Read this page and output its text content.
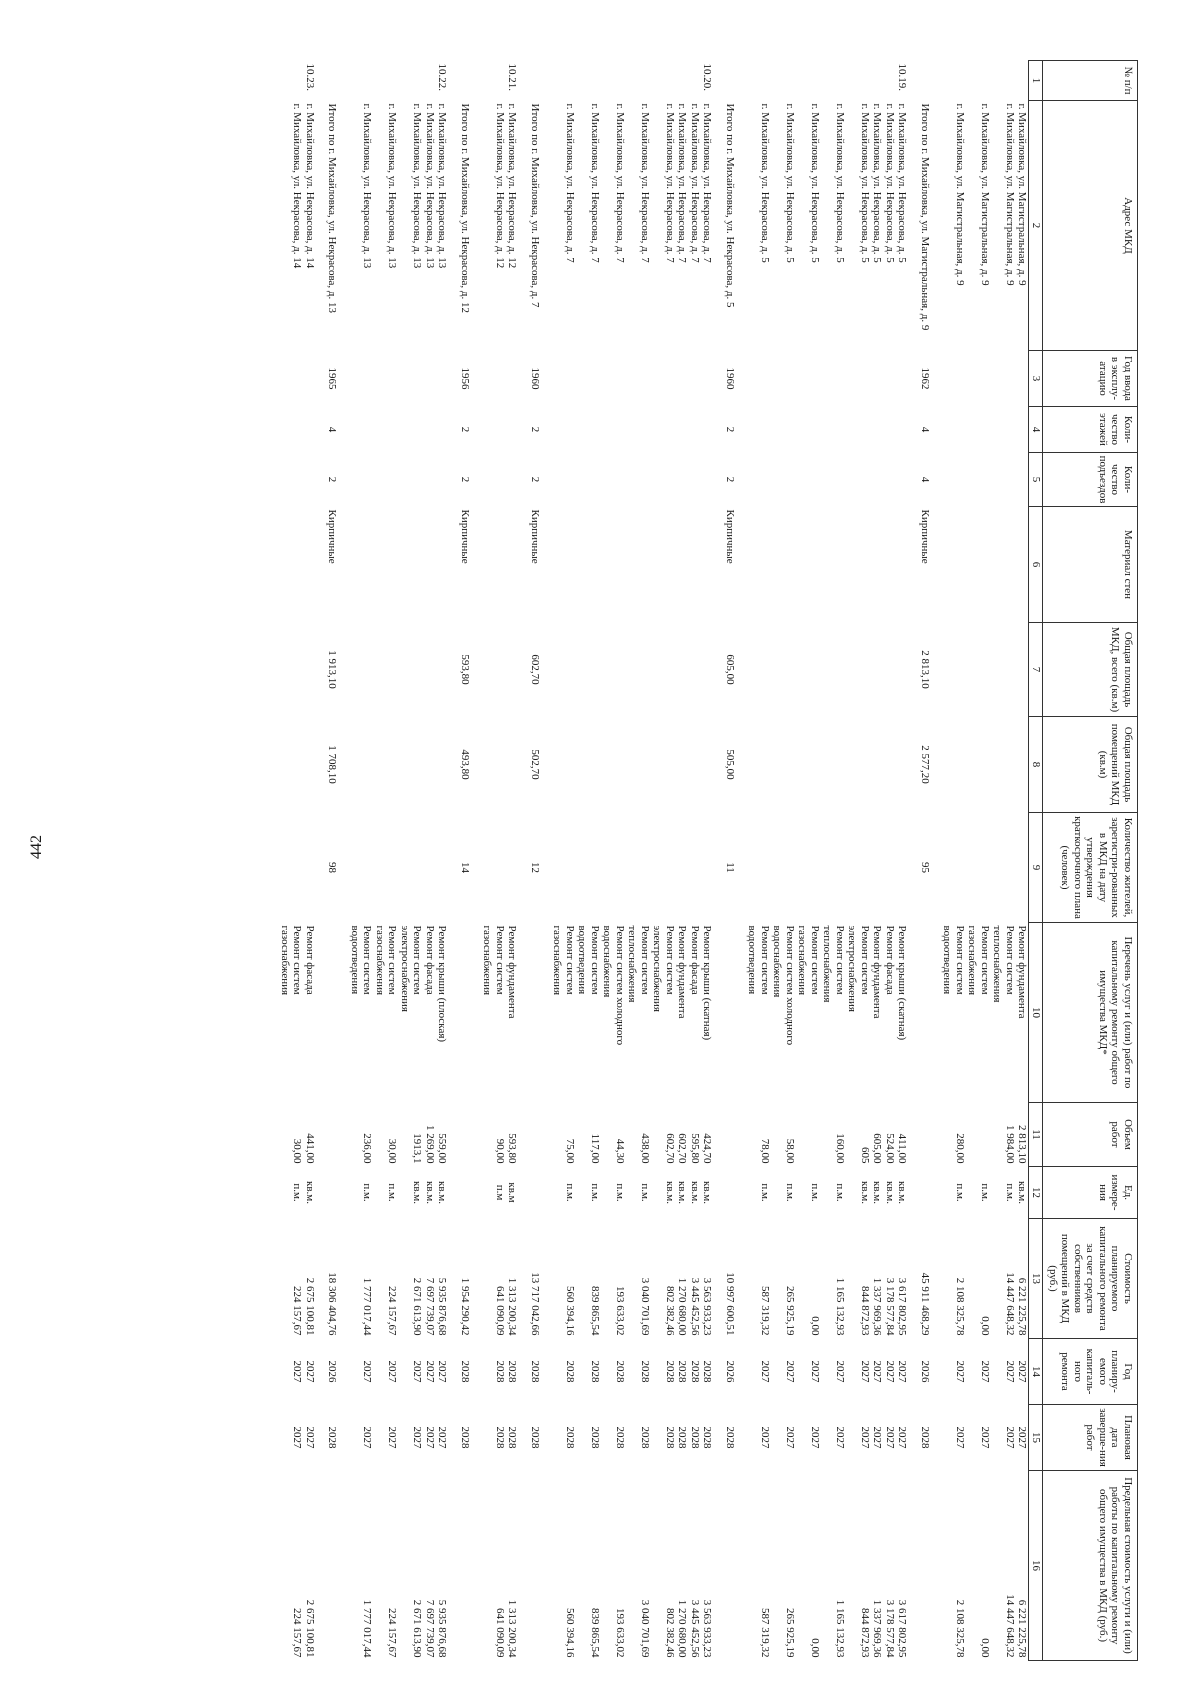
442
№ п/п	Адрес МКД	Год ввода в эксплу-атацию	Коли-чество этажей	Коли-чество подъездов	Материал стен	Общая площадь МКД, всего (кв.м)	Общая площадь помещений МКД (кв.м)	Количество жителей, зарегистри-рованных в МКД на дату утверждения краткосрочного плана (человек)	Перечень услуг и (или) работ по капитальному ремонту общего имущества МКД*	Объем работ	Ед. измере-ния	Стоимость планируемого капитального ремонта за счет средств собственников помещений в МКД (руб.)	Год планиру-емого капиталь-ного ремонта	Плановая дата заверше-ния работ	Предельная стоимость услуги и (или) работы по капитальному ремонту общего имущества в МКД (руб.)
1	2	3	4	5	6	7	8	9	10	11	12	13	14	15	16
	г. Михайловка, ул. Магистральная, д. 9								Ремонт фундамента	2 813,10	кв.м.	6 221 225,78	2027	2027	6 221 225,78
	г. Михайловка, ул. Магистральная, д. 9								Ремонт систем
теплоснабжения	1 984,00	п.м.	14 447 648,32	2027	2027	14 447 648,32
	г. Михайловка, ул. Магистральная, д. 9								Ремонт систем
газоснабжения		п.м.	0,00	2027	2027	0,00
	г. Михайловка, ул. Магистральная, д. 9								Ремонт систем
водоотведения	280,00	п.м.	2 108 325,78	2027	2027	2 108 325,78
	Итого по г. Михайловка, ул. Магистральная, д. 9	1962	4	4	Кирпичные	2 813,10	2 577,20	95				45 911 468,29	2026	2028	
10.19.	г. Михайловка, ул. Некрасова, д. 5								Ремонт крыши (скатная)	411,00	кв.м.	3 617 802,95	2027	2027	3 617 802,95
	г. Михайловка, ул. Некрасова, д. 5								Ремонт фасада	524,00	кв.м.	3 178 577,84	2027	2027	3 178 577,84
	г. Михайловка, ул. Некрасова, д. 5								Ремонт фундамента	605,00	кв.м.	1 337 969,36	2027	2027	1 337 969,36
	г. Михайловка, ул. Некрасова, д. 5								Ремонт систем
электроснабжения	605	кв.м.	844 872,93	2027	2027	844 872,93
	г. Михайловка, ул. Некрасова, д. 5								Ремонт систем
теплоснабжения	160,00	п.м.	1 165 132,93	2027	2027	1 165 132,93
	г. Михайловка, ул. Некрасова, д. 5								Ремонт систем
газоснабжения		п.м.	0,00	2027	2027	0,00
	г. Михайловка, ул. Некрасова, д. 5								Ремонт систем холодного
водоснабжения	58,00	п.м.	265 925,19	2027	2027	265 925,19
	г. Михайловка, ул. Некрасова, д. 5								Ремонт систем
водоотведения	78,00	п.м.	587 319,32	2027	2027	587 319,32
	Итого по г. Михайловка, ул. Некрасова, д. 5	1960	2	2	Кирпичные	605,00	505,00	11				10 997 600,51	2026	2028	
10.20.	г. Михайловка, ул. Некрасова, д. 7								Ремонт крыши (скатная)	424,70	кв.м.	3 563 933,23	2028	2028	3 563 933,23
	г. Михайловка, ул. Некрасова, д. 7								Ремонт фасада	595,80	кв.м.	3 445 452,56	2028	2028	3 445 452,56
	г. Михайловка, ул. Некрасова, д. 7								Ремонт фундамента	602,70	кв.м.	1 270 680,00	2028	2028	1 270 680,00
	г. Михайловка, ул. Некрасова, д. 7								Ремонт систем
электроснабжения	602,70	кв.м.	802 382,46	2028	2028	802 382,46
	г. Михайловка, ул. Некрасова, д. 7								Ремонт систем
теплоснабжения	438,00	п.м.	3 040 701,69	2028	2028	3 040 701,69
	г. Михайловка, ул. Некрасова, д. 7								Ремонт систем холодного
водоснабжения	44,30	п.м.	193 633,02	2028	2028	193 633,02
	г. Михайловка, ул. Некрасова, д. 7								Ремонт систем
водоотведения	117,00	п.м.	839 865,54	2028	2028	839 865,54
	г. Михайловка, ул. Некрасова, д. 7								Ремонт систем
газоснабжения	75,00	п.м.	560 394,16	2028	2028	560 394,16
	Итого по г. Михайловка, ул. Некрасова, д. 7	1960	2	2	Кирпичные	602,70	502,70	12				13 717 042,66	2028	2028	
10.21.	г. Михайловка, ул. Некрасова, д. 12								Ремонт фундамента	593,80	кв.м	1 313 200,34	2028	2028	1 313 200,34
	г. Михайловка, ул. Некрасова, д. 12								Ремонт систем
газоснабжения	90,00	п.м	641 090,09	2028	2028	641 090,09
	Итого по г. Михайловка, ул. Некрасова, д. 12	1956	2	2	Кирпичные	593,80	493,80	14				1 954 290,42	2028	2028	
10.22.	г. Михайловка, ул. Некрасова, д. 13								Ремонт крыши (плоская)	559,00	кв.м.	5 935 876,68	2027	2027	5 935 876,68
	г. Михайловка, ул. Некрасова, д. 13								Ремонт фасада	1 269,00	кв.м.	7 697 739,07	2027	2027	7 697 739,07
	г. Михайловка, ул. Некрасова, д. 13								Ремонт систем
электроснабжения	1913,1	кв.м.	2 671 613,90	2027	2027	2 671 613,90
	г. Михайловка, ул. Некрасова, д. 13								Ремонт систем
газоснабжения	30,00	п.м.	224 157,67	2027	2027	224 157,67
	г. Михайловка, ул. Некрасова, д. 13								Ремонт систем
водоотведения	236,00	п.м.	1 777 017,44	2027	2027	1 777 017,44
	Итого по г. Михайловка, ул. Некрасова, д. 13	1965	4	2	Кирпичные	1 913,10	1 708,10	98				18 306 404,76	2026	2028	
10.23.	г. Михайловка, ул. Некрасова, д. 14								Ремонт фасада	441,00	кв.м.	2 675 100,81	2027	2027	2 675 100,81
	г. Михайловка, ул. Некрасова, д. 14								Ремонт систем
газоснабжения	30,00	п.м.	224 157,67	2027	2027	224 157,67
